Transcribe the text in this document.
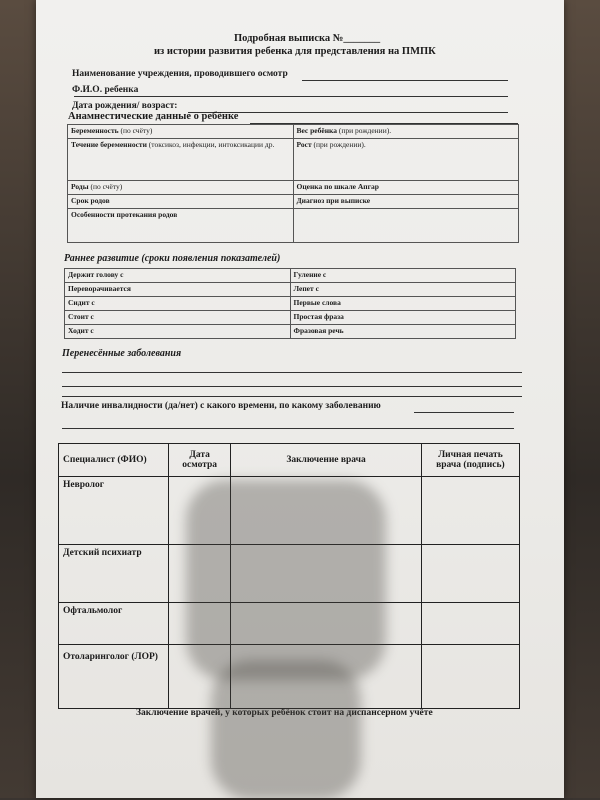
Подробная выписка №_______
из истории развития ребенка для представления на ПМПК
Наименование учреждения, проводившего осмотр
Ф.И.О. ребенка
Дата рождения/ возраст:
Анамнестические данные о ребёнке
Беременность (по счёту)	Вес ребёнка (при рождении).
Течение беременности (токсикоз, инфекции, интоксикации др.	Рост (при рождении).
Роды (по счёту)	Оценка по шкале Апгар
Срок родов	Диагноз при выписке
Особенности протекания родов	
Раннее развитие (сроки появления показателей)
Держит голову с	Гуление с
Переворачивается	Лепет с
Сидит с	Первые слова
Стоит с	Простая фраза
Ходит с	Фразовая речь
Перенесённые заболевания
Наличие инвалидности (да/нет) с какого времени, по какому заболеванию
Специалист (ФИО)	Дата осмотра	Заключение врача	Личная печать врача (подпись)
Невролог			
Детский психиатр			
Офтальмолог			
Отоларинголог (ЛОР)			
Заключение врачей, у которых ребёнок стоит на диспансерном учёте
